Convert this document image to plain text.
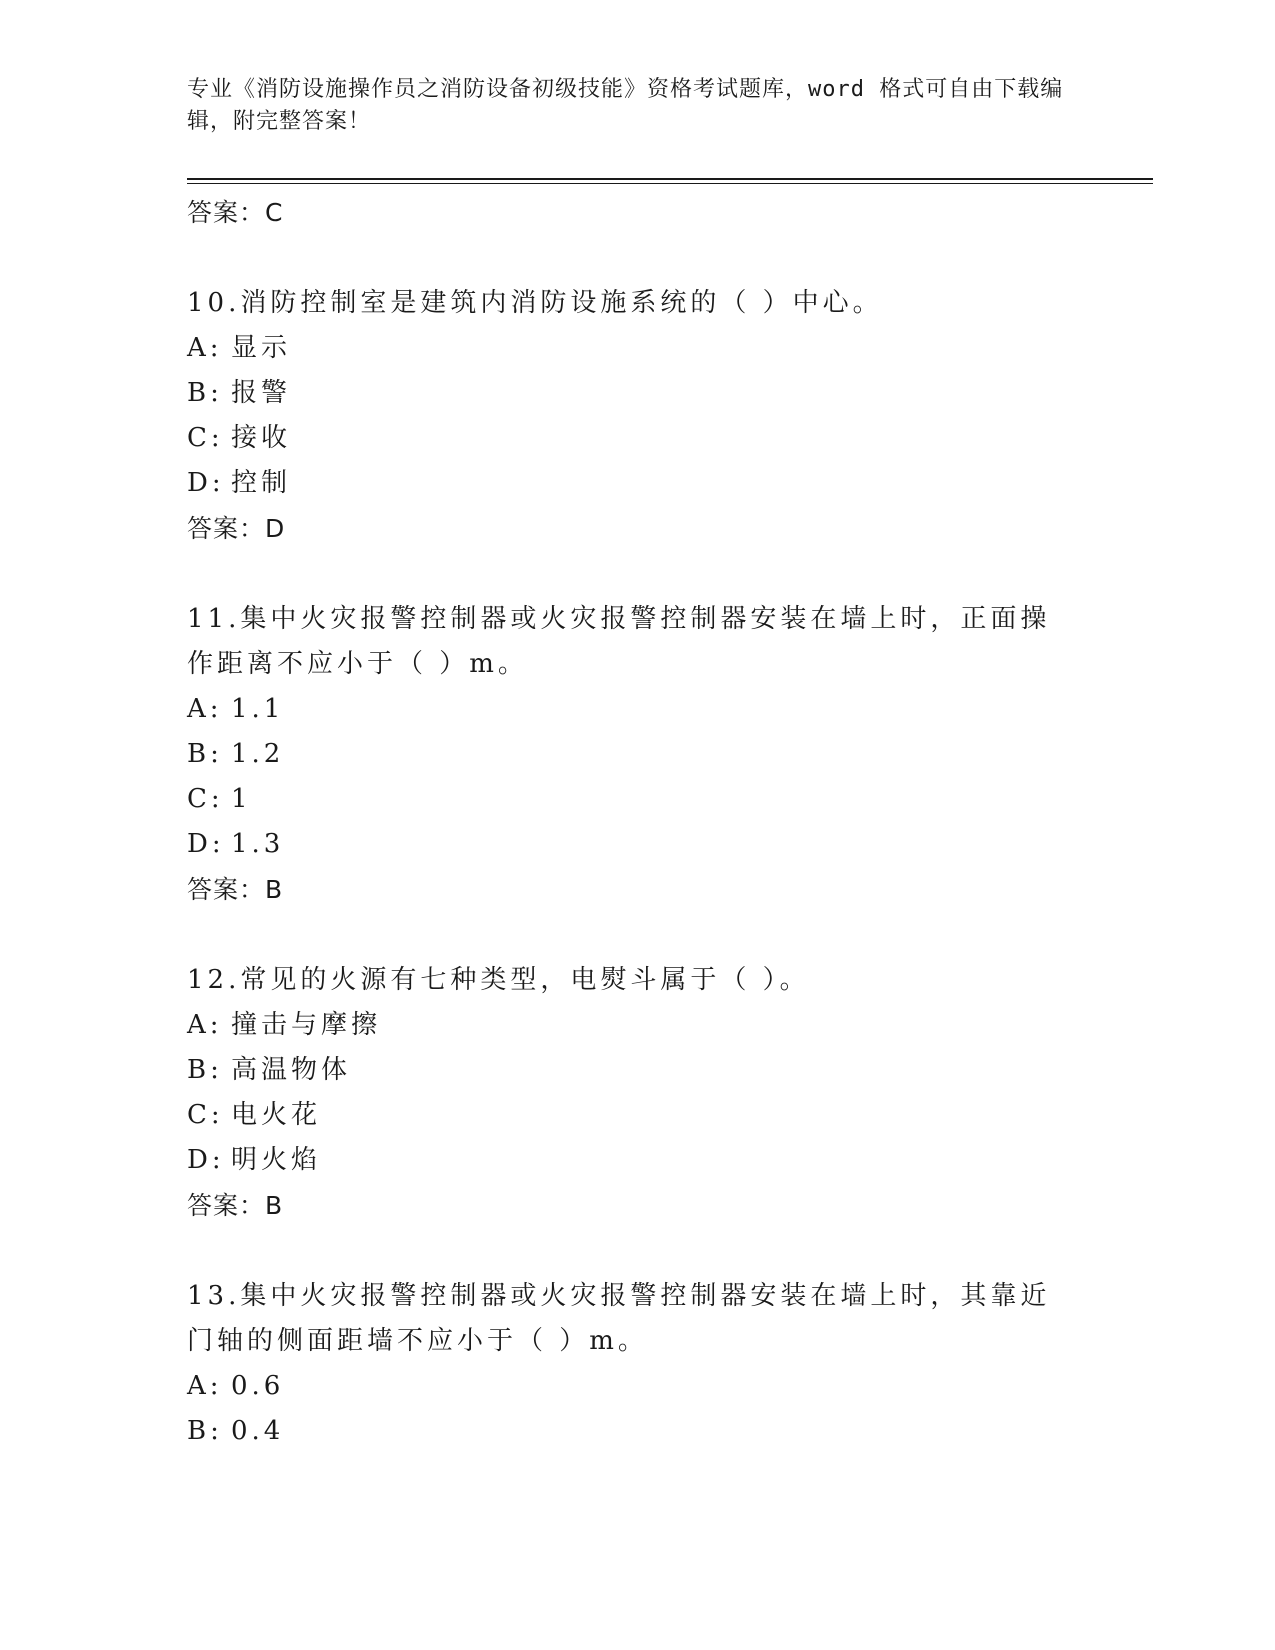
专业《消防设施操作员之消防设备初级技能》资格考试题库，word 格式可自由下载编辑，附完整答案！
答案：C
10.消防控制室是建筑内消防设施系统的（ ）中心。
A: 显示
B: 报警
C: 接收
D: 控制
答案：D
11.集中火灾报警控制器或火灾报警控制器安装在墙上时，正面操作距离不应小于（ ）m。
A: 1.1
B: 1.2
C: 1
D: 1.3
答案：B
12.常见的火源有七种类型，电熨斗属于（ ）。
A: 撞击与摩擦
B: 高温物体
C: 电火花
D: 明火焰
答案：B
13.集中火灾报警控制器或火灾报警控制器安装在墙上时，其靠近门轴的侧面距墙不应小于（ ）m。
A: 0.6
B: 0.4
